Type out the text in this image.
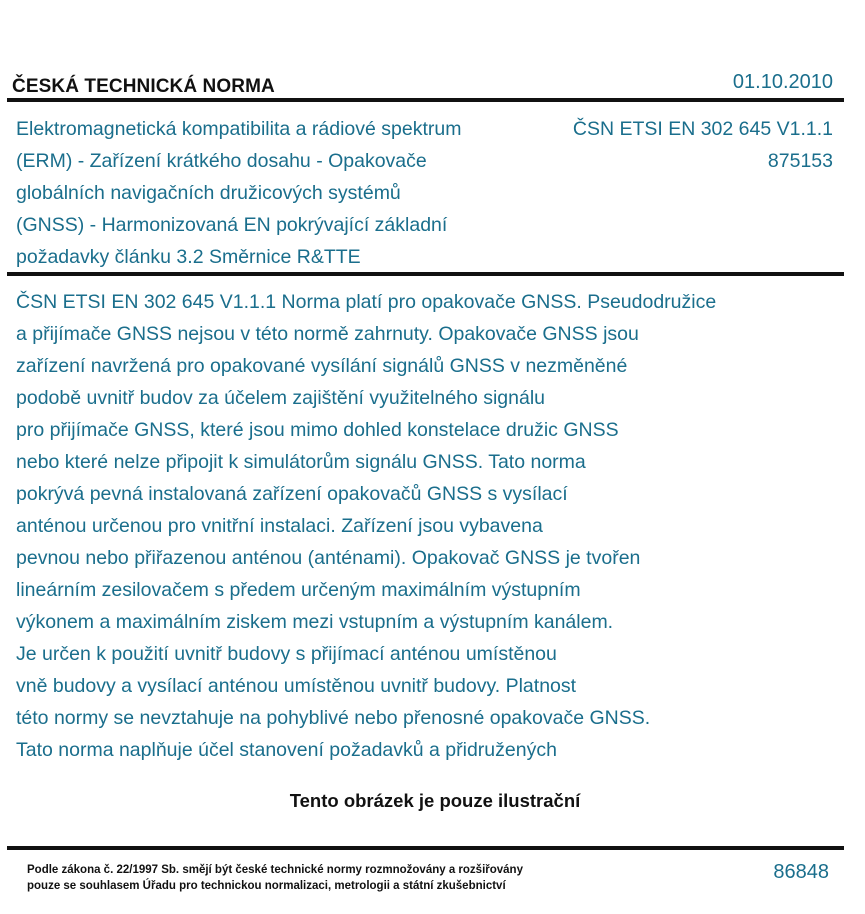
ČESKÁ TECHNICKÁ NORMA	01.10.2010
Elektromagnetická kompatibilita a rádiové spektrum
(ERM) - Zařízení krátkého dosahu - Opakovače
globálních navigačních družicových systémů
(GNSS) - Harmonizovaná EN pokrývající základní
požadavky článku 3.2 Směrnice R&TTE
ČSN ETSI EN 302 645 V1.1.1
875153
ČSN ETSI EN 302 645 V1.1.1 Norma platí pro opakovače GNSS. Pseudodružice
a přijímače GNSS nejsou v této normě zahrnuty. Opakovače GNSS jsou
zařízení navržená pro opakované vysílání signálů GNSS v nezměněné
podobě uvnitř budov za účelem zajištění využitelného signálu
pro přijímače GNSS, které jsou mimo dohled konstelace družic GNSS
nebo které nelze připojit k simulátorům signálu GNSS. Tato norma
pokrývá pevná instalovaná zařízení opakovačů GNSS s vysílací
anténou určenou pro vnitřní instalaci. Zařízení jsou vybavena
pevnou nebo přiřazenou anténou (anténami). Opakovač GNSS je tvořen
lineárním zesilovačem s předem určeným maximálním výstupním
výkonem a maximálním ziskem mezi vstupním a výstupním kanálem.
Je určen k použití uvnitř budovy s přijímací anténou umístěnou
vně budovy a vysílací anténou umístěnou uvnitř budovy. Platnost
této normy se nevztahuje na pohyblivé nebo přenosné opakovače GNSS.
Tato norma naplňuje účel stanovení požadavků a přidružených
Tento obrázek je pouze ilustrační
Podle zákona č. 22/1997 Sb. smějí být české technické normy rozmnožovány a rozšiřovány
pouze se souhlasem Úřadu pro technickou normalizaci, metrologii a státní zkušebnictví
86848
